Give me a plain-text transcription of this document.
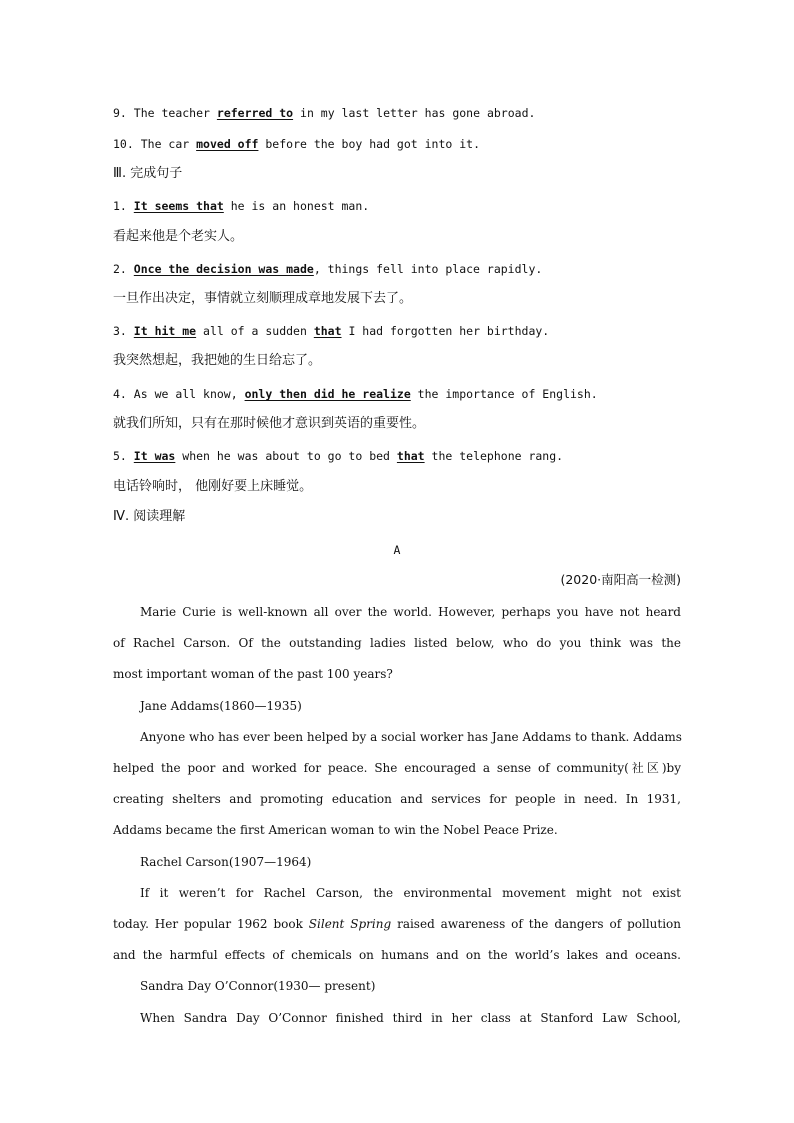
9. The teacher referred to in my last letter has gone abroad.
10. The car moved off before the boy had got into it.
Ⅲ. 完成句子
1. It seems that he is an honest man.
看起来他是个老实人。
2. Once the decision was made, things fell into place rapidly.
一旦作出决定，事情就立刻顺理成章地发展下去了。
3. It hit me all of a sudden that I had forgotten her birthday.
我突然想起，我把她的生日给忘了。
4. As we all know, only then did he realize the importance of English.
就我们所知，只有在那时候他才意识到英语的重要性。
5. It was when he was about to go to bed that the telephone rang.
电话铃响时， 他刚好要上床睡觉。
Ⅳ. 阅读理解
A
(2020·南阳高一检测)
Marie Curie is well-known all over the world. However, perhaps you have not heard
of Rachel Carson. Of the outstanding ladies listed below, who do you think was the
most important woman of the past 100 years?
Jane Addams(1860—1935)
Anyone who has ever been helped by a social worker has Jane Addams to thank. Addams
helped the poor and worked for peace. She encouraged a sense of community(社区)by
creating shelters and promoting education and services for people in need. In 1931,
Addams became the first American woman to win the Nobel Peace Prize.
Rachel Carson(1907—1964)
If it weren’t for Rachel Carson, the environmental movement might not exist
today. Her popular 1962 book Silent Spring raised awareness of the dangers of pollution
and the harmful effects of chemicals on humans and on the world’s lakes and oceans.
Sandra Day O’Connor(1930— present)
When Sandra Day O’Connor finished third in her class at Stanford Law School,
